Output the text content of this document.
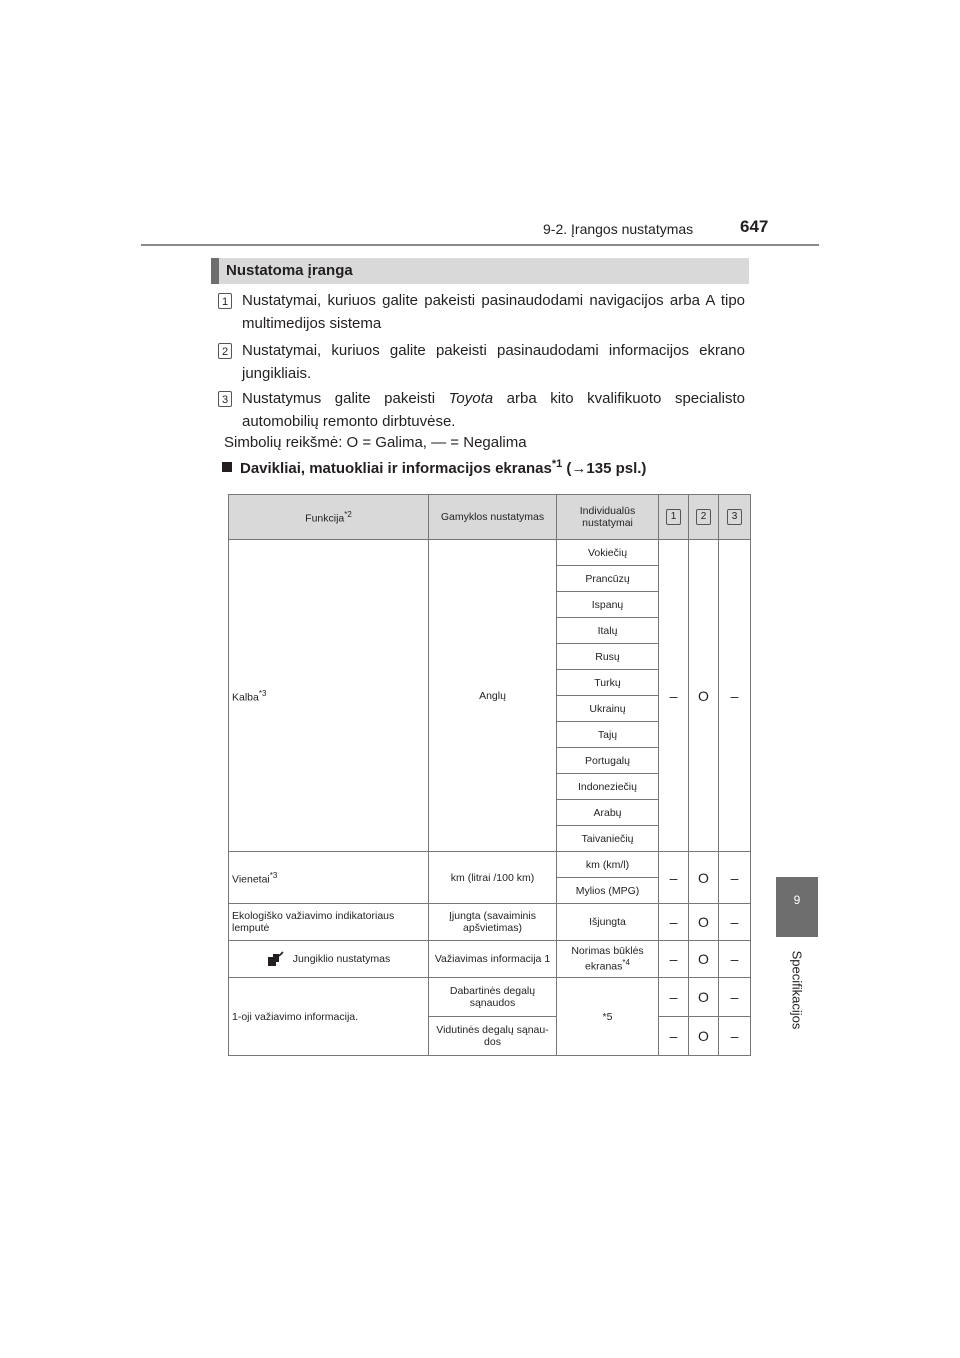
9-2. Įrangos nustatymas	647
9
Specifikacijos
Nustatoma įranga
1 Nustatymai, kuriuos galite pakeisti pasinaudodami navigacijos arba A tipo multimedijos sistema
2 Nustatymai, kuriuos galite pakeisti pasinaudodami informacijos ekrano jungikliais.
3 Nustatymus galite pakeisti Toyota arba kito kvalifikuoto specialisto automobilių remonto dirbtuvėse.
Simbolių reikšmė: O = Galima, — = Negalima
Davikliai, matuokliai ir informacijos ekranas$^{*1}$ (→135 psl.)
Funkcija$^{*2}$	Gamyklos nustatymas	Individualūs nustatymai	1	2	3
Kalba$^{*3}$	Anglų	Vokiečių	–	O	–
		Prancūzų			
		Ispanų			
		Italų			
		Rusų			
		Turkų			
		Ukrainų			
		Tajų			
		Portugalų			
		Indoneziečių			
		Arabų			
		Taivaniečių			
Vienetai$^{*3}$	km (litrai /100 km)	km (km/l)	–	O	–
		Mylios (MPG)			
Ekologiško važiavimo indikatoriaus lemputė	Įjungta (savaiminis apšvietimas)	Išjungta	–	O	–
Jungiklio nustatymas	Važiavimas informacija 1	Norimas būklės ekranas$^{*4}$	–	O	–
1-oji važiavimo informacija.	Dabartinės degalų sąnaudos	*5	–	O	–
	Vidutinės degalų sąnau-dos		–	O	–
